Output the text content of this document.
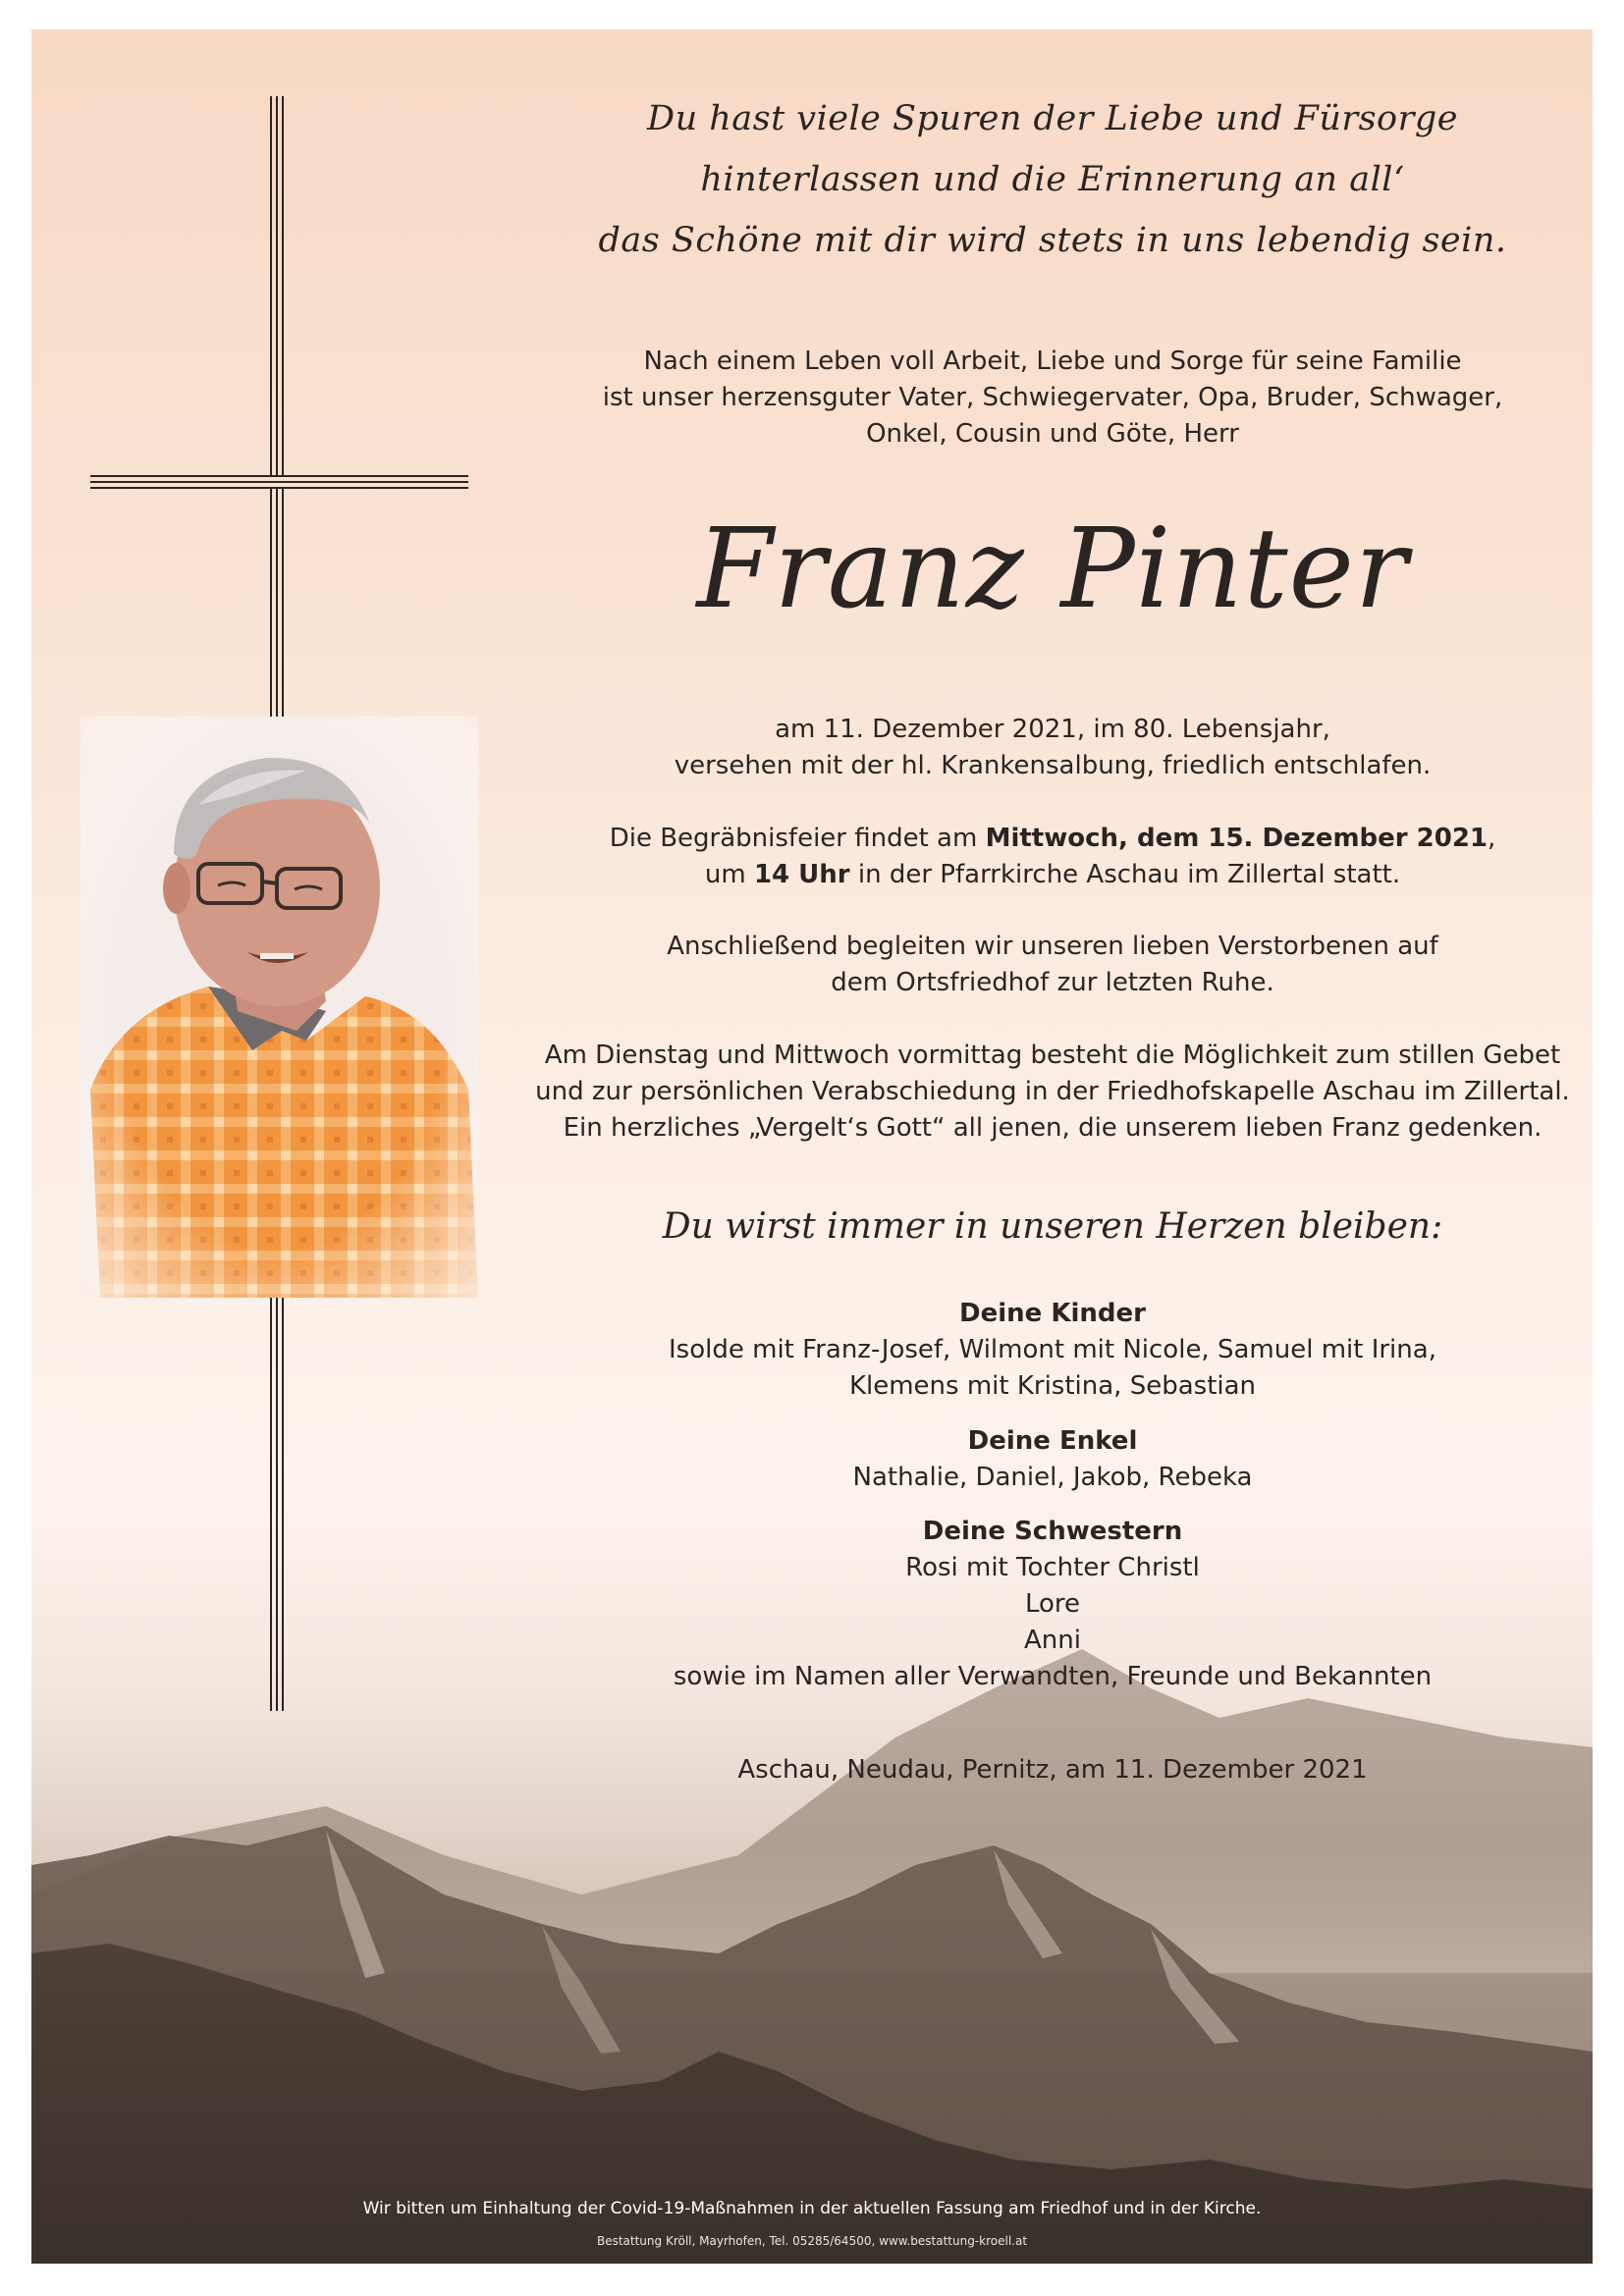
Du hast viele Spuren der Liebe und Fürsorge
hinterlassen und die Erinnerung an all‘
das Schöne mit dir wird stets in uns lebendig sein.
Nach einem Leben voll Arbeit, Liebe und Sorge für seine Familie
ist unser herzensguter Vater, Schwiegervater, Opa, Bruder, Schwager,
Onkel, Cousin und Göte, Herr
Franz Pinter
am 11. Dezember 2021, im 80. Lebensjahr,
versehen mit der hl. Krankensalbung, friedlich entschlafen.
Die Begräbnisfeier findet am Mittwoch, dem 15. Dezember 2021,
um 14 Uhr in der Pfarrkirche Aschau im Zillertal statt.
Anschließend begleiten wir unseren lieben Verstorbenen auf
dem Ortsfriedhof zur letzten Ruhe.
Am Dienstag und Mittwoch vormittag besteht die Möglichkeit zum stillen Gebet
und zur persönlichen Verabschiedung in der Friedhofskapelle Aschau im Zillertal.
Ein herzliches „Vergelt‘s Gott“ all jenen, die unserem lieben Franz gedenken.
Du wirst immer in unseren Herzen bleiben:
Deine Kinder
Isolde mit Franz-Josef, Wilmont mit Nicole, Samuel mit Irina,
Klemens mit Kristina, Sebastian
Deine Enkel
Nathalie, Daniel, Jakob, Rebeka
Deine Schwestern
Rosi mit Tochter Christl
Lore
Anni
sowie im Namen aller Verwandten, Freunde und Bekannten
Aschau, Neudau, Pernitz, am 11. Dezember 2021
Wir bitten um Einhaltung der Covid-19-Maßnahmen in der aktuellen Fassung am Friedhof und in der Kirche.
Bestattung Kröll, Mayrhofen, Tel. 05285/64500, www.bestattung-kroell.at
